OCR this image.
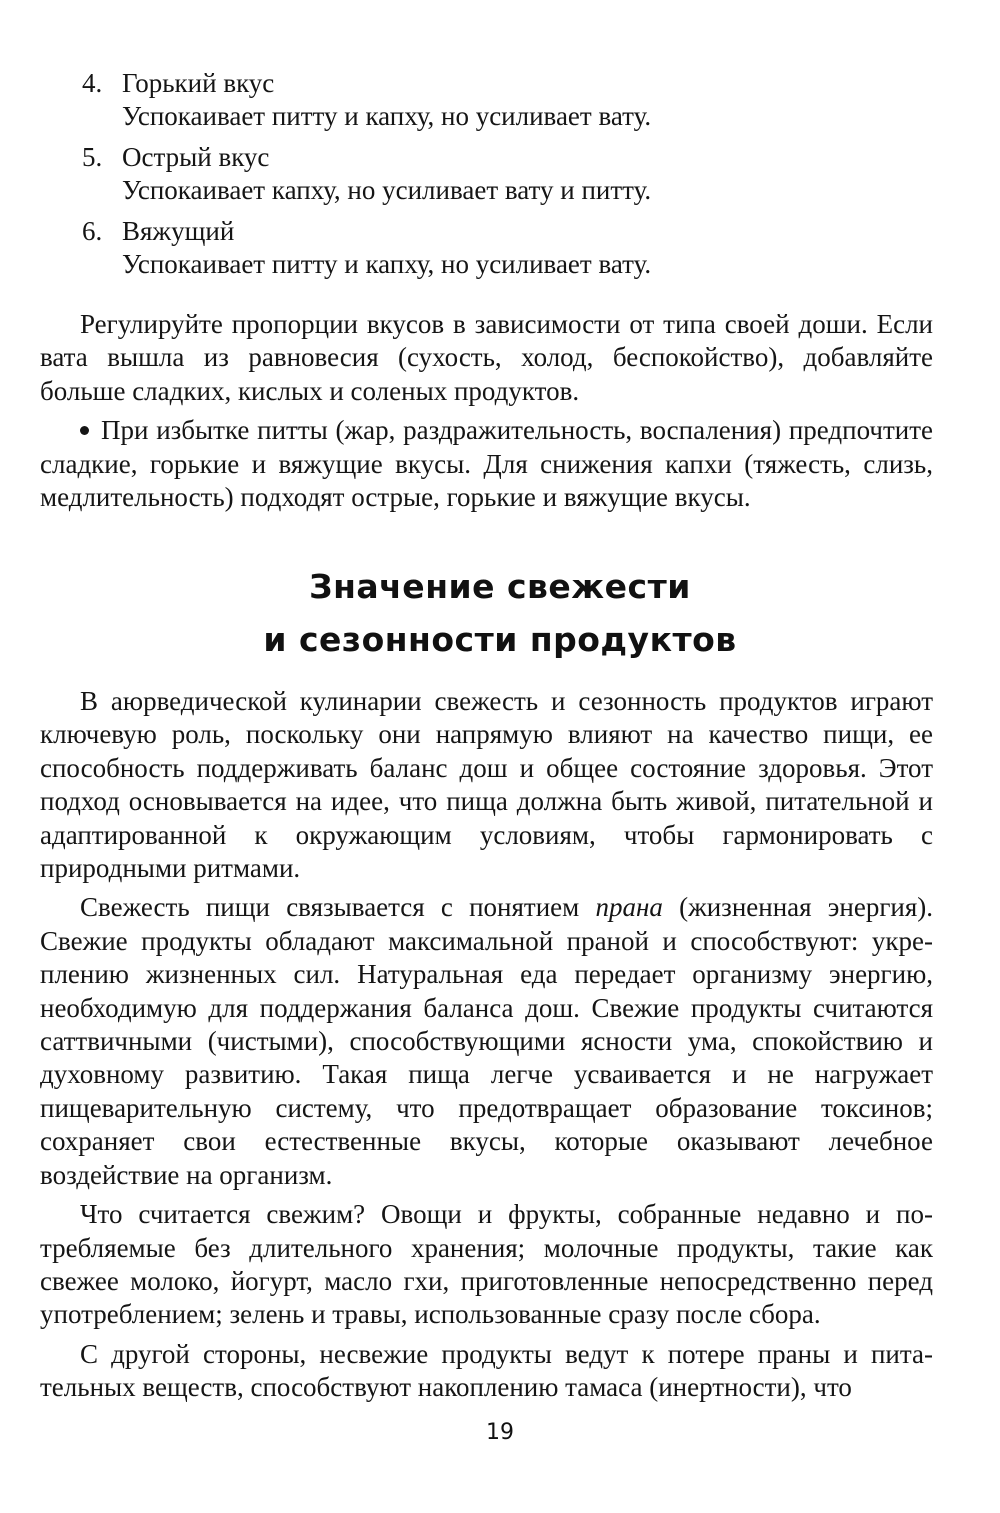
4. Горький вкус
Успокаивает питту и капху, но усиливает вату.
5. Острый вкус
Успокаивает капху, но усиливает вату и питту.
6. Вяжущий
Успокаивает питту и капху, но усиливает вату.

Регулируйте пропорции вкусов в зависимости от типа своей доши. Если вата вышла из равновесия (сухость, холод, беспокойство), добавляйте больше сладких, кислых и соленых продуктов.

При избытке питты (жар, раздражительность, воспаления) предпочтите сладкие, горькие и вяжущие вкусы. Для снижения капхи (тяжесть, слизь, медлительность) подходят острые, горькие и вяжущие вкусы.

Значение свежести
и сезонности продуктов

В аюрведической кулинарии свежесть и сезонность продуктов играют ключевую роль, поскольку они напрямую влияют на качество пищи, ее способность поддерживать баланс дош и общее состояние здоровья. Этот подход основывается на идее, что пища должна быть живой, питательной и адаптированной к окружающим условиям, чтобы гармонировать с природными ритмами.

Свежесть пищи связывается с понятием прана (жизненная энергия). Свежие продукты обладают максимальной праной и способствуют: укреплению жизненных сил. Натуральная еда передает организму энергию, необходимую для поддержания баланса дош. Свежие продукты считаются саттвичными (чистыми), способствующими ясности ума, спокойствию и духовному развитию. Такая пища легче усваивается и не нагружает пищеварительную систему, что предотвращает образование токсинов; сохраняет свои естественные вкусы, которые оказывают лечебное воздействие на организм.

Что считается свежим? Овощи и фрукты, собранные недавно и потребляемые без длительного хранения; молочные продукты, такие как свежее молоко, йогурт, масло гхи, приготовленные непосредственно перед употреблением; зелень и травы, использованные сразу после сбора.

С другой стороны, несвежие продукты ведут к потере праны и питательных веществ, способствуют накоплению тамаса (инертности), что

19
